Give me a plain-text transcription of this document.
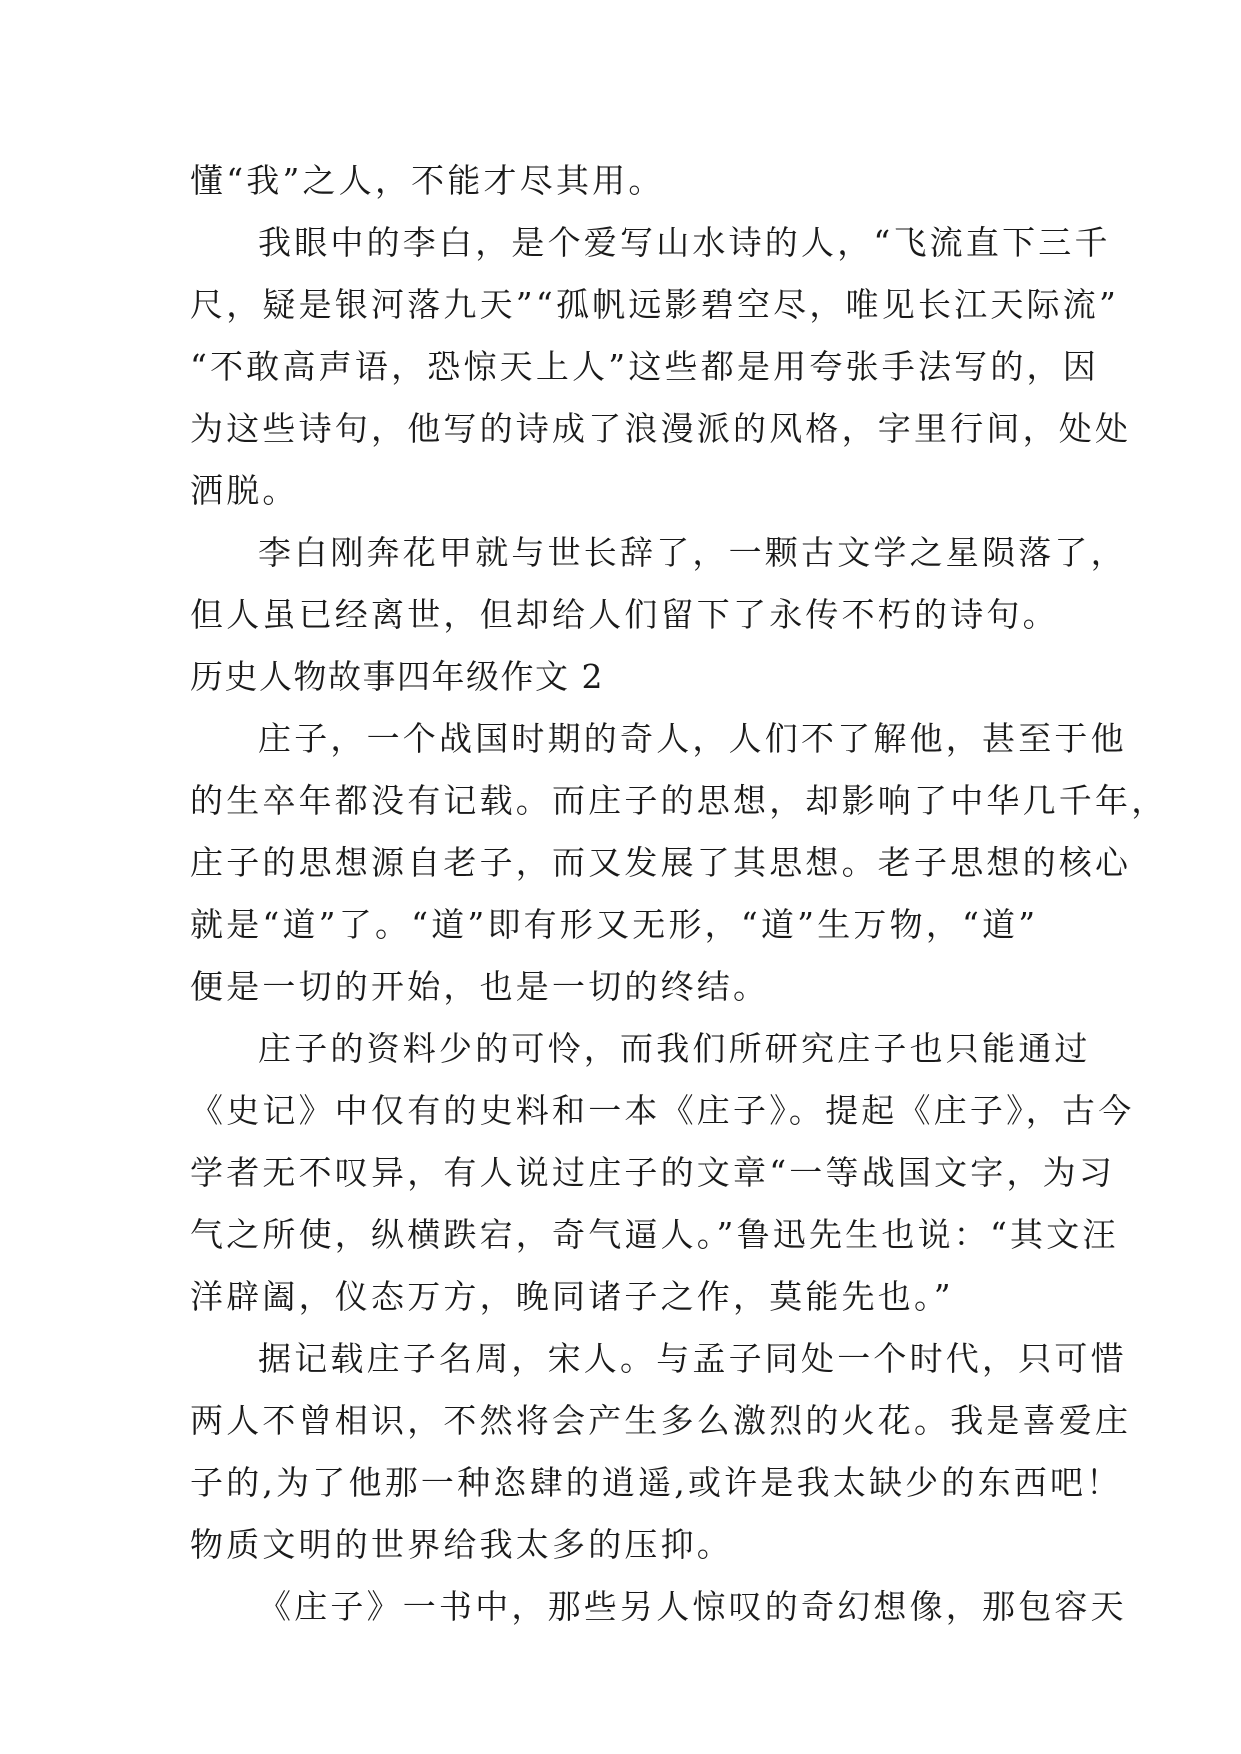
懂“我”之人，不能才尽其用。
我眼中的李白，是个爱写山水诗的人，“飞流直下三千
尺，疑是银河落九天”“孤帆远影碧空尽，唯见长江天际流”
“不敢高声语，恐惊天上人”这些都是用夸张手法写的，因
为这些诗句，他写的诗成了浪漫派的风格，字里行间，处处
洒脱。
李白刚奔花甲就与世长辞了，一颗古文学之星陨落了，
但人虽已经离世，但却给人们留下了永传不朽的诗句。
历史人物故事四年级作文 2
庄子，一个战国时期的奇人，人们不了解他，甚至于他
的生卒年都没有记载。而庄子的思想，却影响了中华几千年，
庄子的思想源自老子，而又发展了其思想。老子思想的核心
就是“道”了。“道”即有形又无形，“道”生万物，“道”
便是一切的开始，也是一切的终结。
庄子的资料少的可怜，而我们所研究庄子也只能通过
《史记》中仅有的史料和一本《庄子》。提起《庄子》，古今
学者无不叹异，有人说过庄子的文章“一等战国文字，为习
气之所使，纵横跌宕，奇气逼人。”鲁迅先生也说：“其文汪
洋辟阖，仪态万方，晚同诸子之作，莫能先也。”
据记载庄子名周，宋人。与孟子同处一个时代，只可惜
两人不曾相识，不然将会产生多么激烈的火花。我是喜爱庄
子的,为了他那一种恣肆的逍遥,或许是我太缺少的东西吧！
物质文明的世界给我太多的压抑。
《庄子》一书中，那些另人惊叹的奇幻想像，那包容天
